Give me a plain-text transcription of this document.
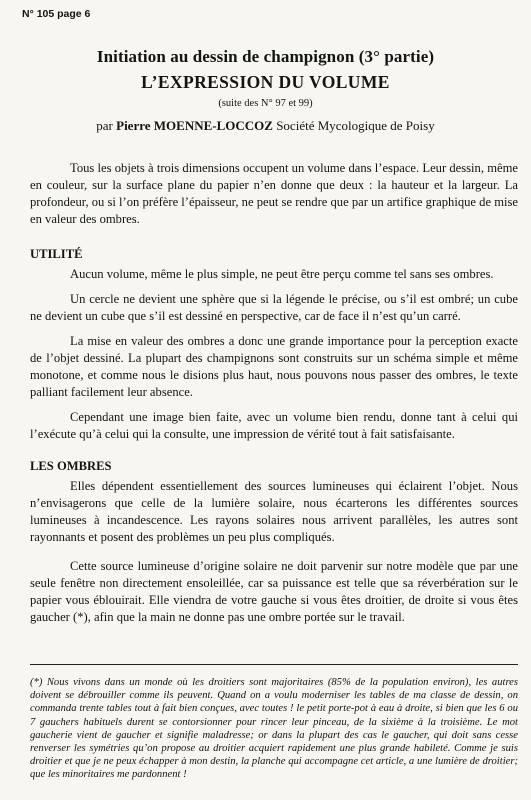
N° 105 page 6
Initiation au dessin de champignon (3° partie)
L’EXPRESSION DU VOLUME
(suite des N° 97 et 99)
par Pierre MOENNE-LOCCOZ Société Mycologique de Poisy

Tous les objets à trois dimensions occupent un volume dans l’espace. Leur dessin, même en couleur, sur la surface plane du papier n’en donne que deux : la hauteur et la largeur. La profondeur, ou si l’on préfère l’épaisseur, ne peut se rendre que par un artifice graphique de mise en valeur des ombres.

UTILITÉ

Aucun volume, même le plus simple, ne peut être perçu comme tel sans ses ombres.

Un cercle ne devient une sphère que si la légende le précise, ou s’il est ombré; un cube ne devient un cube que s’il est dessiné en perspective, car de face il n’est qu’un carré.

La mise en valeur des ombres a donc une grande importance pour la perception exacte de l’objet dessiné. La plupart des champignons sont construits sur un schéma simple et même monotone, et comme nous le disions plus haut, nous pouvons nous passer des ombres, le texte palliant facilement leur absence.

Cependant une image bien faite, avec un volume bien rendu, donne tant à celui qui l’exécute qu’à celui qui la consulte, une impression de vérité tout à fait satisfaisante.

LES OMBRES

Elles dépendent essentiellement des sources lumineuses qui éclairent l’objet. Nous n’envisagerons que celle de la lumière solaire, nous écarterons les différentes sources lumineuses à incandescence. Les rayons solaires nous arrivent parallèles, les autres sont rayonnants et posent des problèmes un peu plus compliqués.

Cette source lumineuse d’origine solaire ne doit parvenir sur notre modèle que par une seule fenêtre non directement ensoleillée, car sa puissance est telle que sa réverbération sur le papier vous éblouirait. Elle viendra de votre gauche si vous êtes droitier, de droite si vous êtes gaucher (*), afin que la main ne donne pas une ombre portée sur le travail.

(*) Nous vivons dans un monde où les droitiers sont majoritaires (85% de la population environ), les autres doivent se débrouiller comme ils peuvent. Quand on a voulu moderniser les tables de ma classe de dessin, on commanda trente tables tout à fait bien conçues, avec toutes ! le petit porte-pot à eau à droite, si bien que les 6 ou 7 gauchers habituels durent se contorsionner pour rincer leur pinceau, de la sixième à la troisième. Le mot gaucherie vient de gaucher et signifie maladresse; or dans la plupart des cas le gaucher, qui doit sans cesse renverser les symétries qu’on propose au droitier acquiert rapidement une plus grande habileté. Comme je suis droitier et que je ne peux échapper à mon destin, la planche qui accompagne cet article, a une lumière de droitier; que les minoritaires me pardonnent !
